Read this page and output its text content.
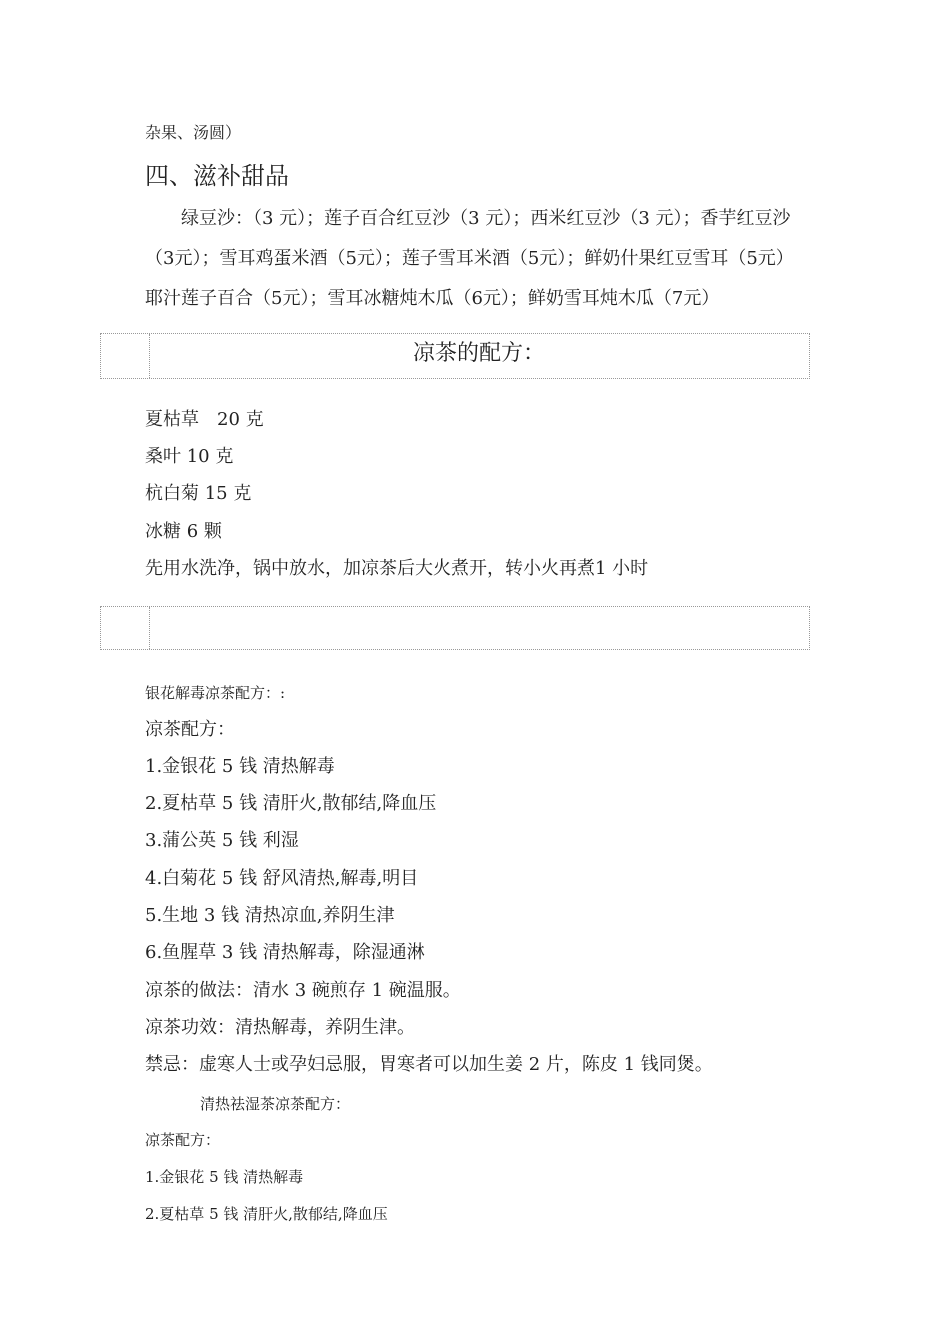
杂果、汤圆）
四、滋补甜品
绿豆沙：（3 元）；莲子百合红豆沙（3 元）；西米红豆沙（3 元）；香芋红豆沙（3元）；雪耳鸡蛋米酒（5元）；莲子雪耳米酒（5元）；鲜奶什果红豆雪耳（5元）耶汁莲子百合（5元）；雪耳冰糖炖木瓜（6元）；鲜奶雪耳炖木瓜（7元）
凉茶的配方：
夏枯草　20 克
桑叶 10 克
杭白菊 15 克
冰糖 6 颗
先用水洗净，锅中放水，加凉茶后大火煮开，转小火再煮1 小时
银花解毒凉茶配方：:
凉茶配方：
1.金银花 5 钱 清热解毒
2.夏枯草 5 钱 清肝火,散郁结,降血压
3.蒲公英 5 钱 利湿
4.白菊花 5 钱 舒风清热,解毒,明目
5.生地 3 钱 清热凉血,养阴生津
6.鱼腥草 3 钱 清热解毒，除湿通淋
凉茶的做法：清水 3 碗煎存 1 碗温服。
凉茶功效：清热解毒，养阴生津。
禁忌：虚寒人士或孕妇忌服，胃寒者可以加生姜 2 片，陈皮 1 钱同煲。
清热祛湿茶凉茶配方：
凉茶配方：
1.金银花 5 钱 清热解毒
2.夏枯草 5 钱 清肝火,散郁结,降血压
